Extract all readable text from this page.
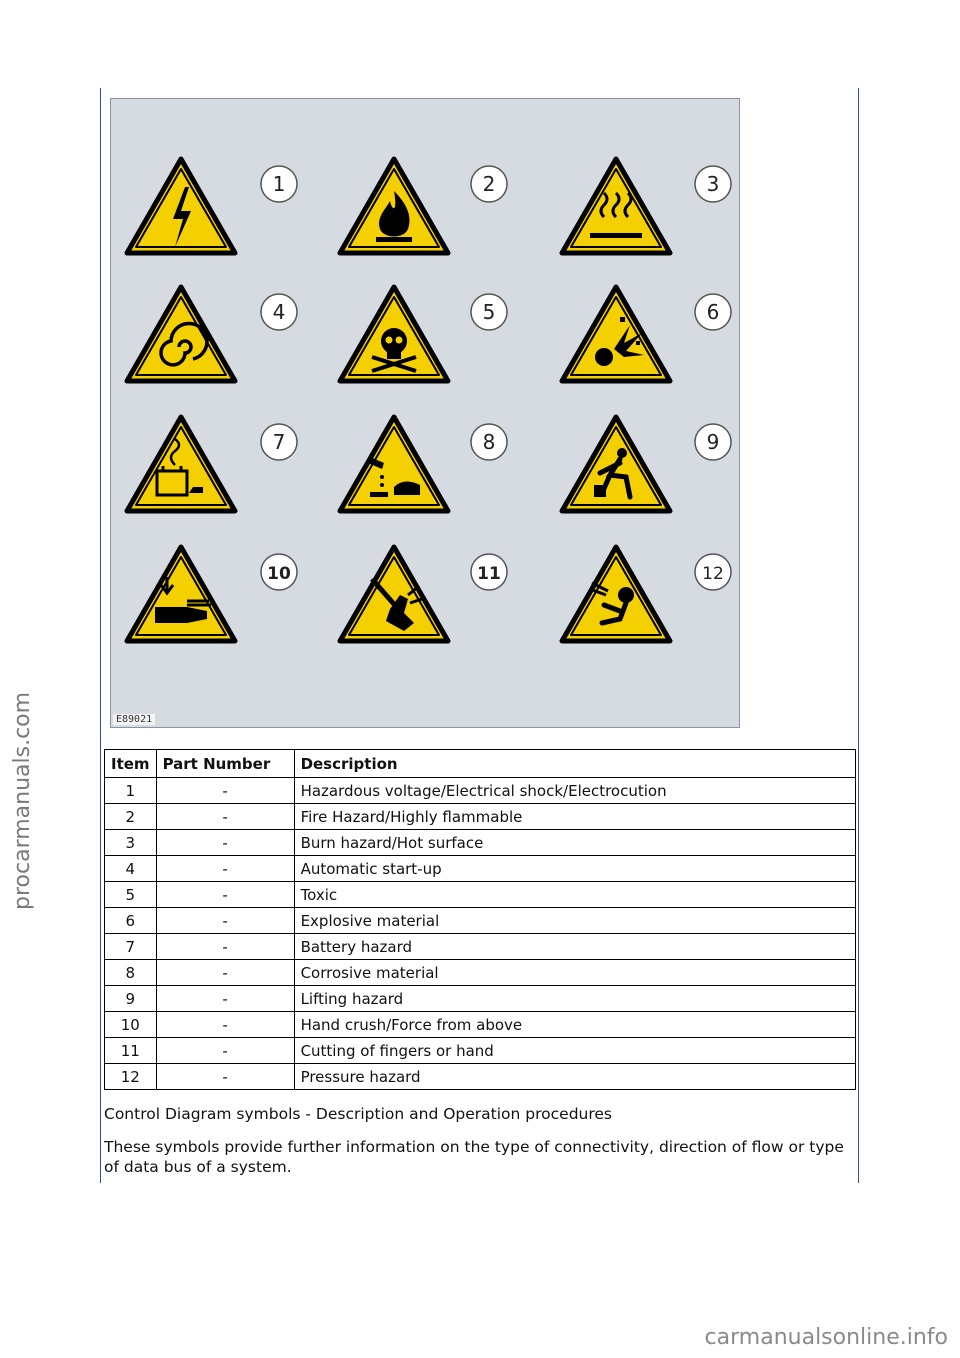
procarmanuals.com
carmanualsonline.info
1	2	3
4	5	6
7	8	9
10	11	12
E89021
Item	Part Number	Description
1	-	Hazardous voltage/Electrical shock/Electrocution
2	-	Fire Hazard/Highly flammable
3	-	Burn hazard/Hot surface
4	-	Automatic start-up
5	-	Toxic
6	-	Explosive material
7	-	Battery hazard
8	-	Corrosive material
9	-	Lifting hazard
10	-	Hand crush/Force from above
11	-	Cutting of fingers or hand
12	-	Pressure hazard
Control Diagram symbols - Description and Operation procedures
These symbols provide further information on the type of connectivity, direction of flow or type of data bus of a system.
